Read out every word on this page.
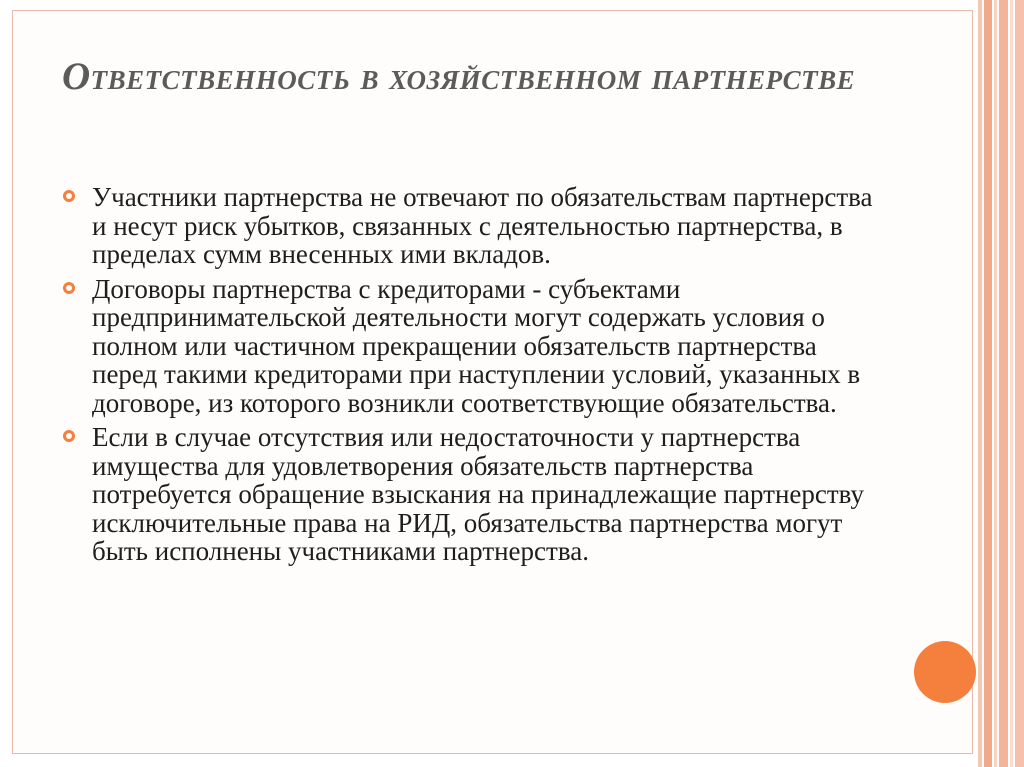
Ответственность в хозяйственном партнерстве
Участники партнерства не отвечают по обязательствам партнерства и несут риск убытков, связанных с деятельностью партнерства, в пределах сумм внесенных ими вкладов.
Договоры партнерства с кредиторами - субъектами предпринимательской деятельности могут содержать условия о полном или частичном прекращении обязательств партнерства перед такими кредиторами при наступлении условий, указанных в договоре, из которого возникли соответствующие обязательства.
Если в случае отсутствия или недостаточности у партнерства имущества для удовлетворения обязательств партнерства потребуется обращение взыскания на принадлежащие партнерству исключительные права на РИД, обязательства партнерства могут быть исполнены участниками партнерства.
